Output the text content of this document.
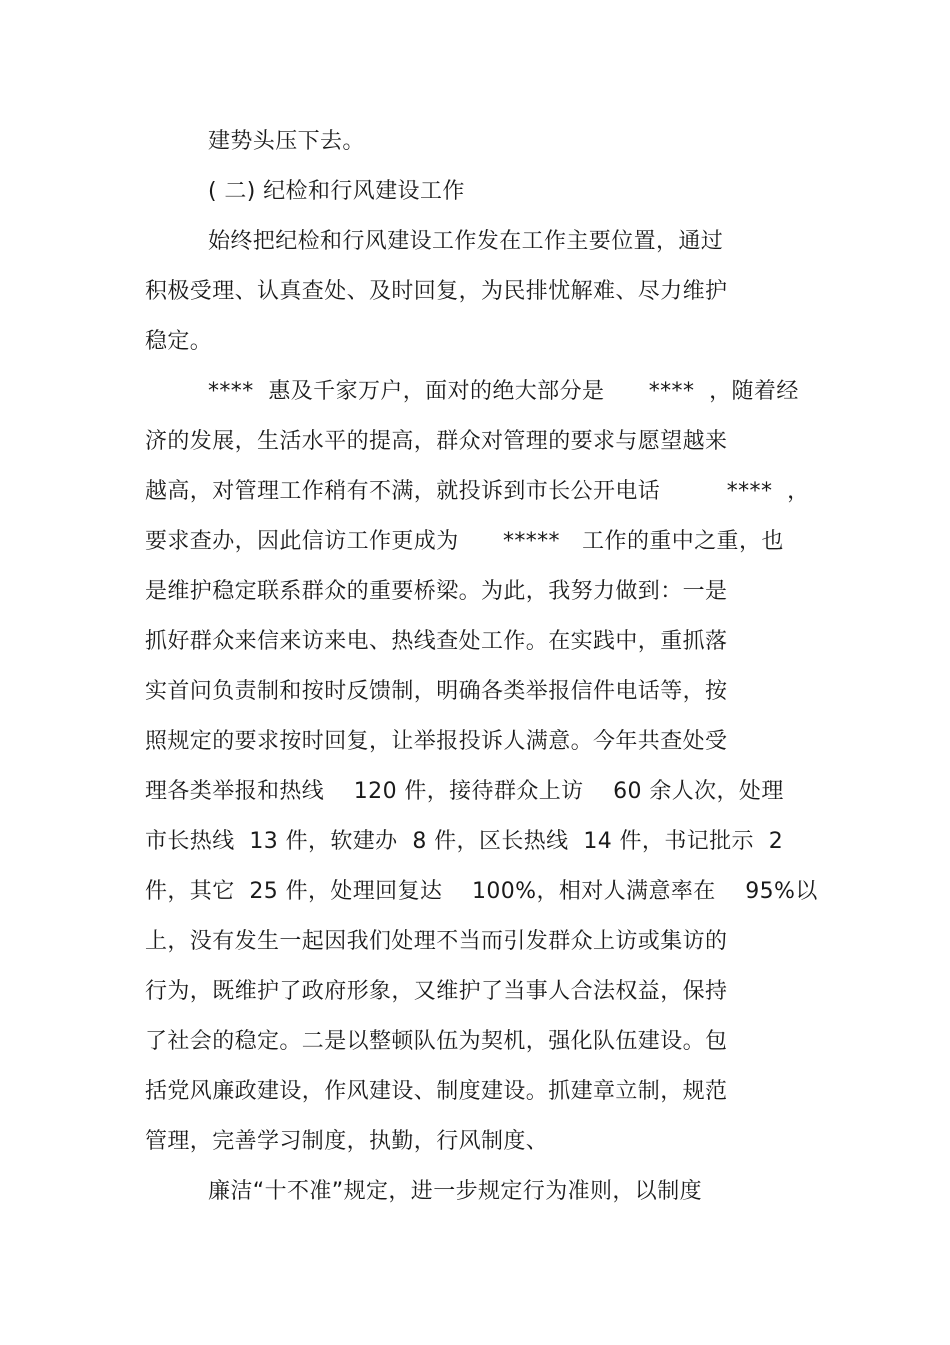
建势头压下去。
( 二) 纪检和行风建设工作
始终把纪检和行风建设工作发在工作主要位置，通过
积极受理、认真查处、及时回复，为民排忧解难、尽力维护
稳定。
****  惠及千家万户，面对的绝大部分是      ****  ，随着经
济的发展，生活水平的提高，群众对管理的要求与愿望越来
越高，对管理工作稍有不满，就投诉到市长公开电话         ****  ，
要求查办，因此信访工作更成为      *****   工作的重中之重，也
是维护稳定联系群众的重要桥梁。为此，我努力做到：一是
抓好群众来信来访来电、热线查处工作。在实践中，重抓落
实首问负责制和按时反馈制，明确各类举报信件电话等，按
照规定的要求按时回复，让举报投诉人满意。今年共查处受
理各类举报和热线    120 件，接待群众上访    60 余人次，处理
市长热线  13 件，软建办  8 件，区长热线  14 件，书记批示  2
件，其它  25 件，处理回复达    100%，相对人满意率在    95%以
上，没有发生一起因我们处理不当而引发群众上访或集访的
行为，既维护了政府形象，又维护了当事人合法权益，保持
了社会的稳定。二是以整顿队伍为契机，强化队伍建设。包
括党风廉政建设，作风建设、制度建设。抓建章立制，规范
管理，完善学习制度，执勤，行风制度、
廉洁“十不准”规定，进一步规定行为准则，以制度
